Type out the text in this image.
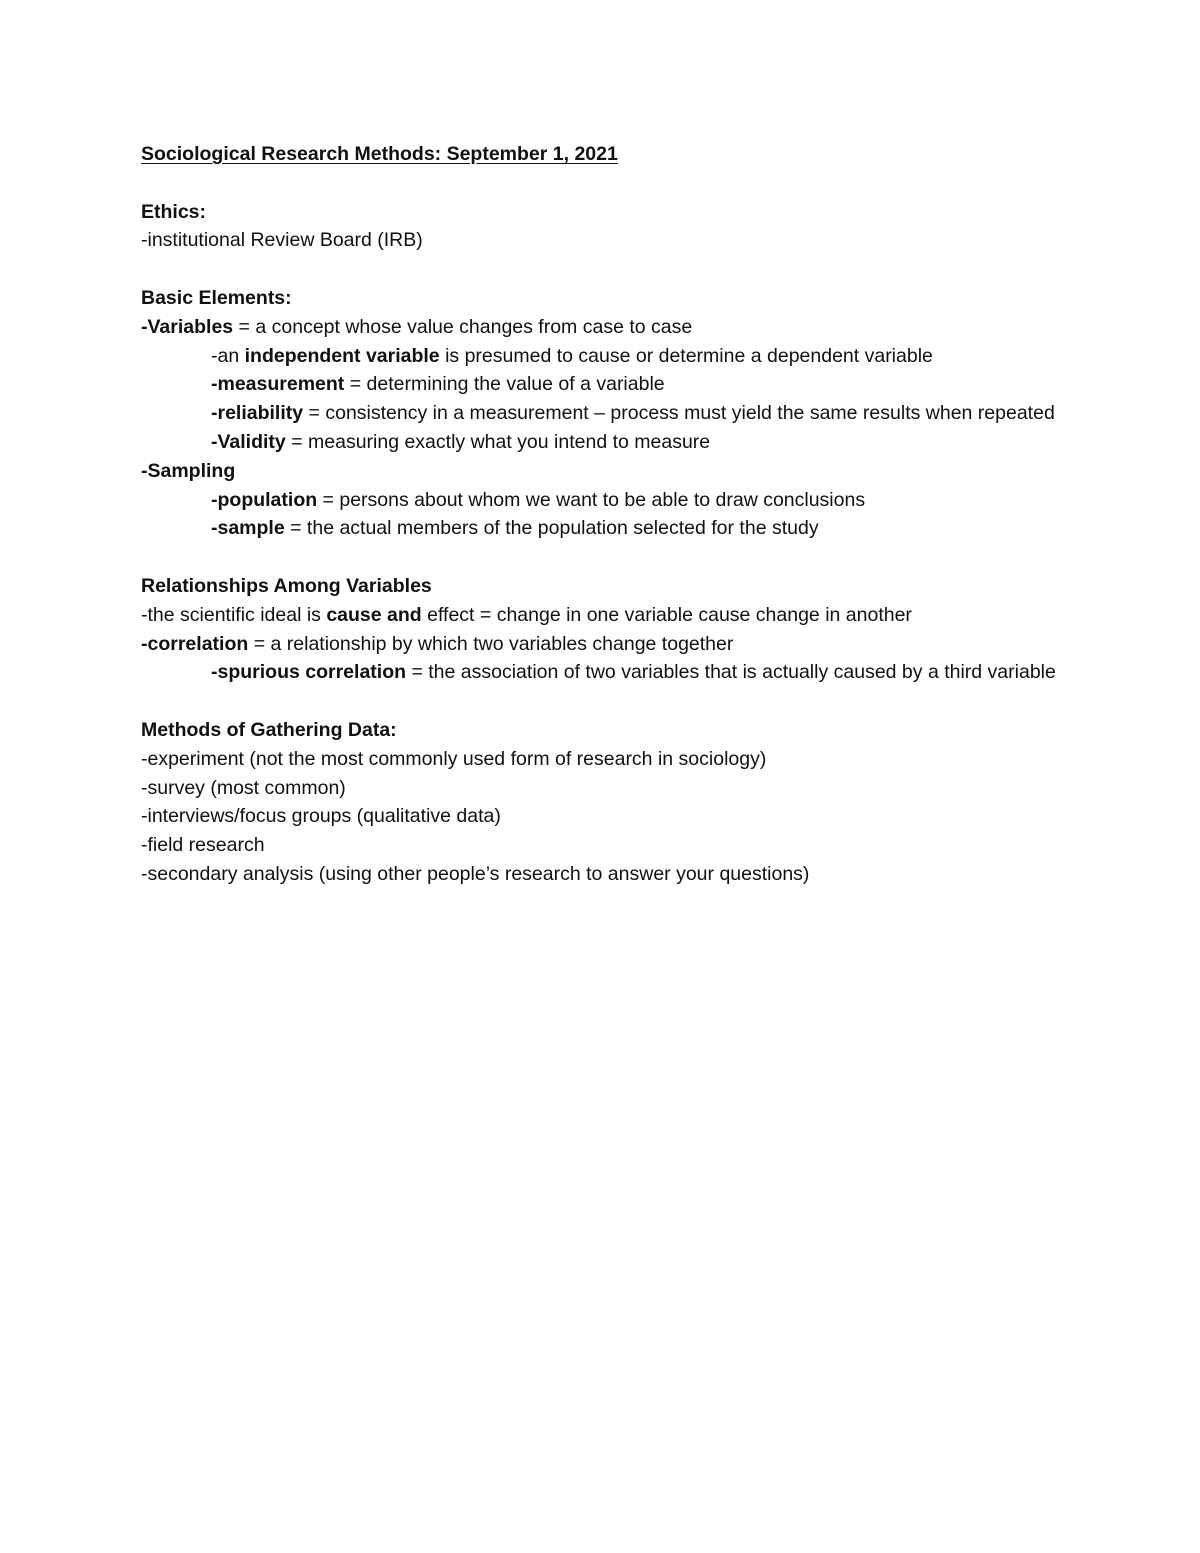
Sociological Research Methods: September 1, 2021
Ethics:
-institutional Review Board (IRB)
Basic Elements:
-Variables = a concept whose value changes from case to case
-an independent variable is presumed to cause or determine a dependent variable
-measurement = determining the value of a variable
-reliability = consistency in a measurement – process must yield the same results when repeated
-Validity = measuring exactly what you intend to measure
-Sampling
-population = persons about whom we want to be able to draw conclusions
-sample = the actual members of the population selected for the study
Relationships Among Variables
-the scientific ideal is cause and effect = change in one variable cause change in another
-correlation = a relationship by which two variables change together
-spurious correlation = the association of two variables that is actually caused by a third variable
Methods of Gathering Data:
-experiment (not the most commonly used form of research in sociology)
-survey (most common)
-interviews/focus groups (qualitative data)
-field research
-secondary analysis (using other people’s research to answer your questions)
